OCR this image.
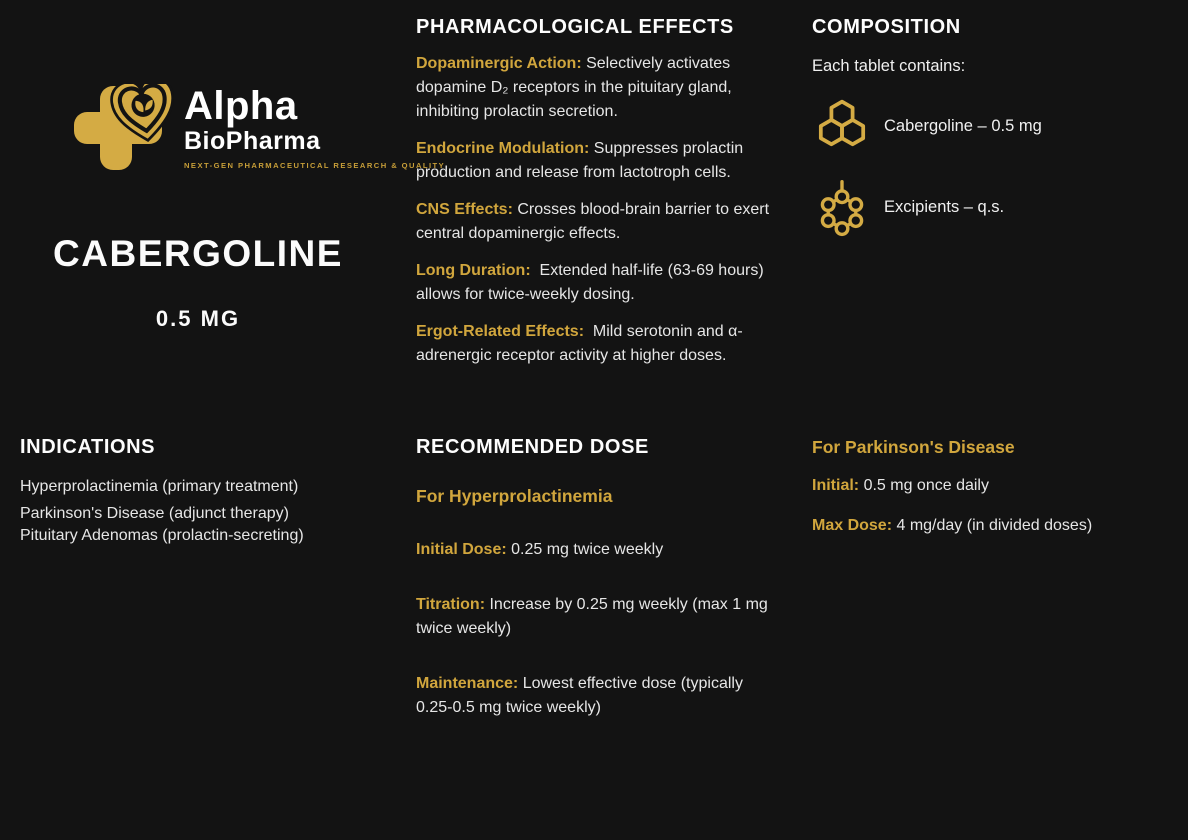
Alpha
BioPharma
NEXT-GEN PHARMACEUTICAL RESEARCH & QUALITY
CABERGOLINE
0.5 MG
INDICATIONS

Hyperprolactinemia (primary treatment)

Parkinson's Disease (adjunct therapy)

Pituitary Adenomas (prolactin-secreting)

PHARMACOLOGICAL EFFECTS

Dopaminergic Action: Selectively activates dopamine D₂ receptors in the pituitary gland, inhibiting prolactin secretion.

Endocrine Modulation: Suppresses prolactin production and release from lactotroph cells.

CNS Effects: Crosses blood-brain barrier to exert central dopaminergic effects.

Long Duration: Extended half-life (63-69 hours) allows for twice-weekly dosing.

Ergot-Related Effects: Mild serotonin and α-adrenergic receptor activity at higher doses.

RECOMMENDED DOSE
For Hyperprolactinemia

Initial Dose: 0.25 mg twice weekly

Titration: Increase by 0.25 mg weekly (max 1 mg twice weekly)

Maintenance: Lowest effective dose (typically 0.25-0.5 mg twice weekly)

COMPOSITION

Each tablet contains:

Cabergoline – 0.5 mg
Excipients – q.s.
For Parkinson's Disease

Initial: 0.5 mg once daily

Max Dose: 4 mg/day (in divided doses)
